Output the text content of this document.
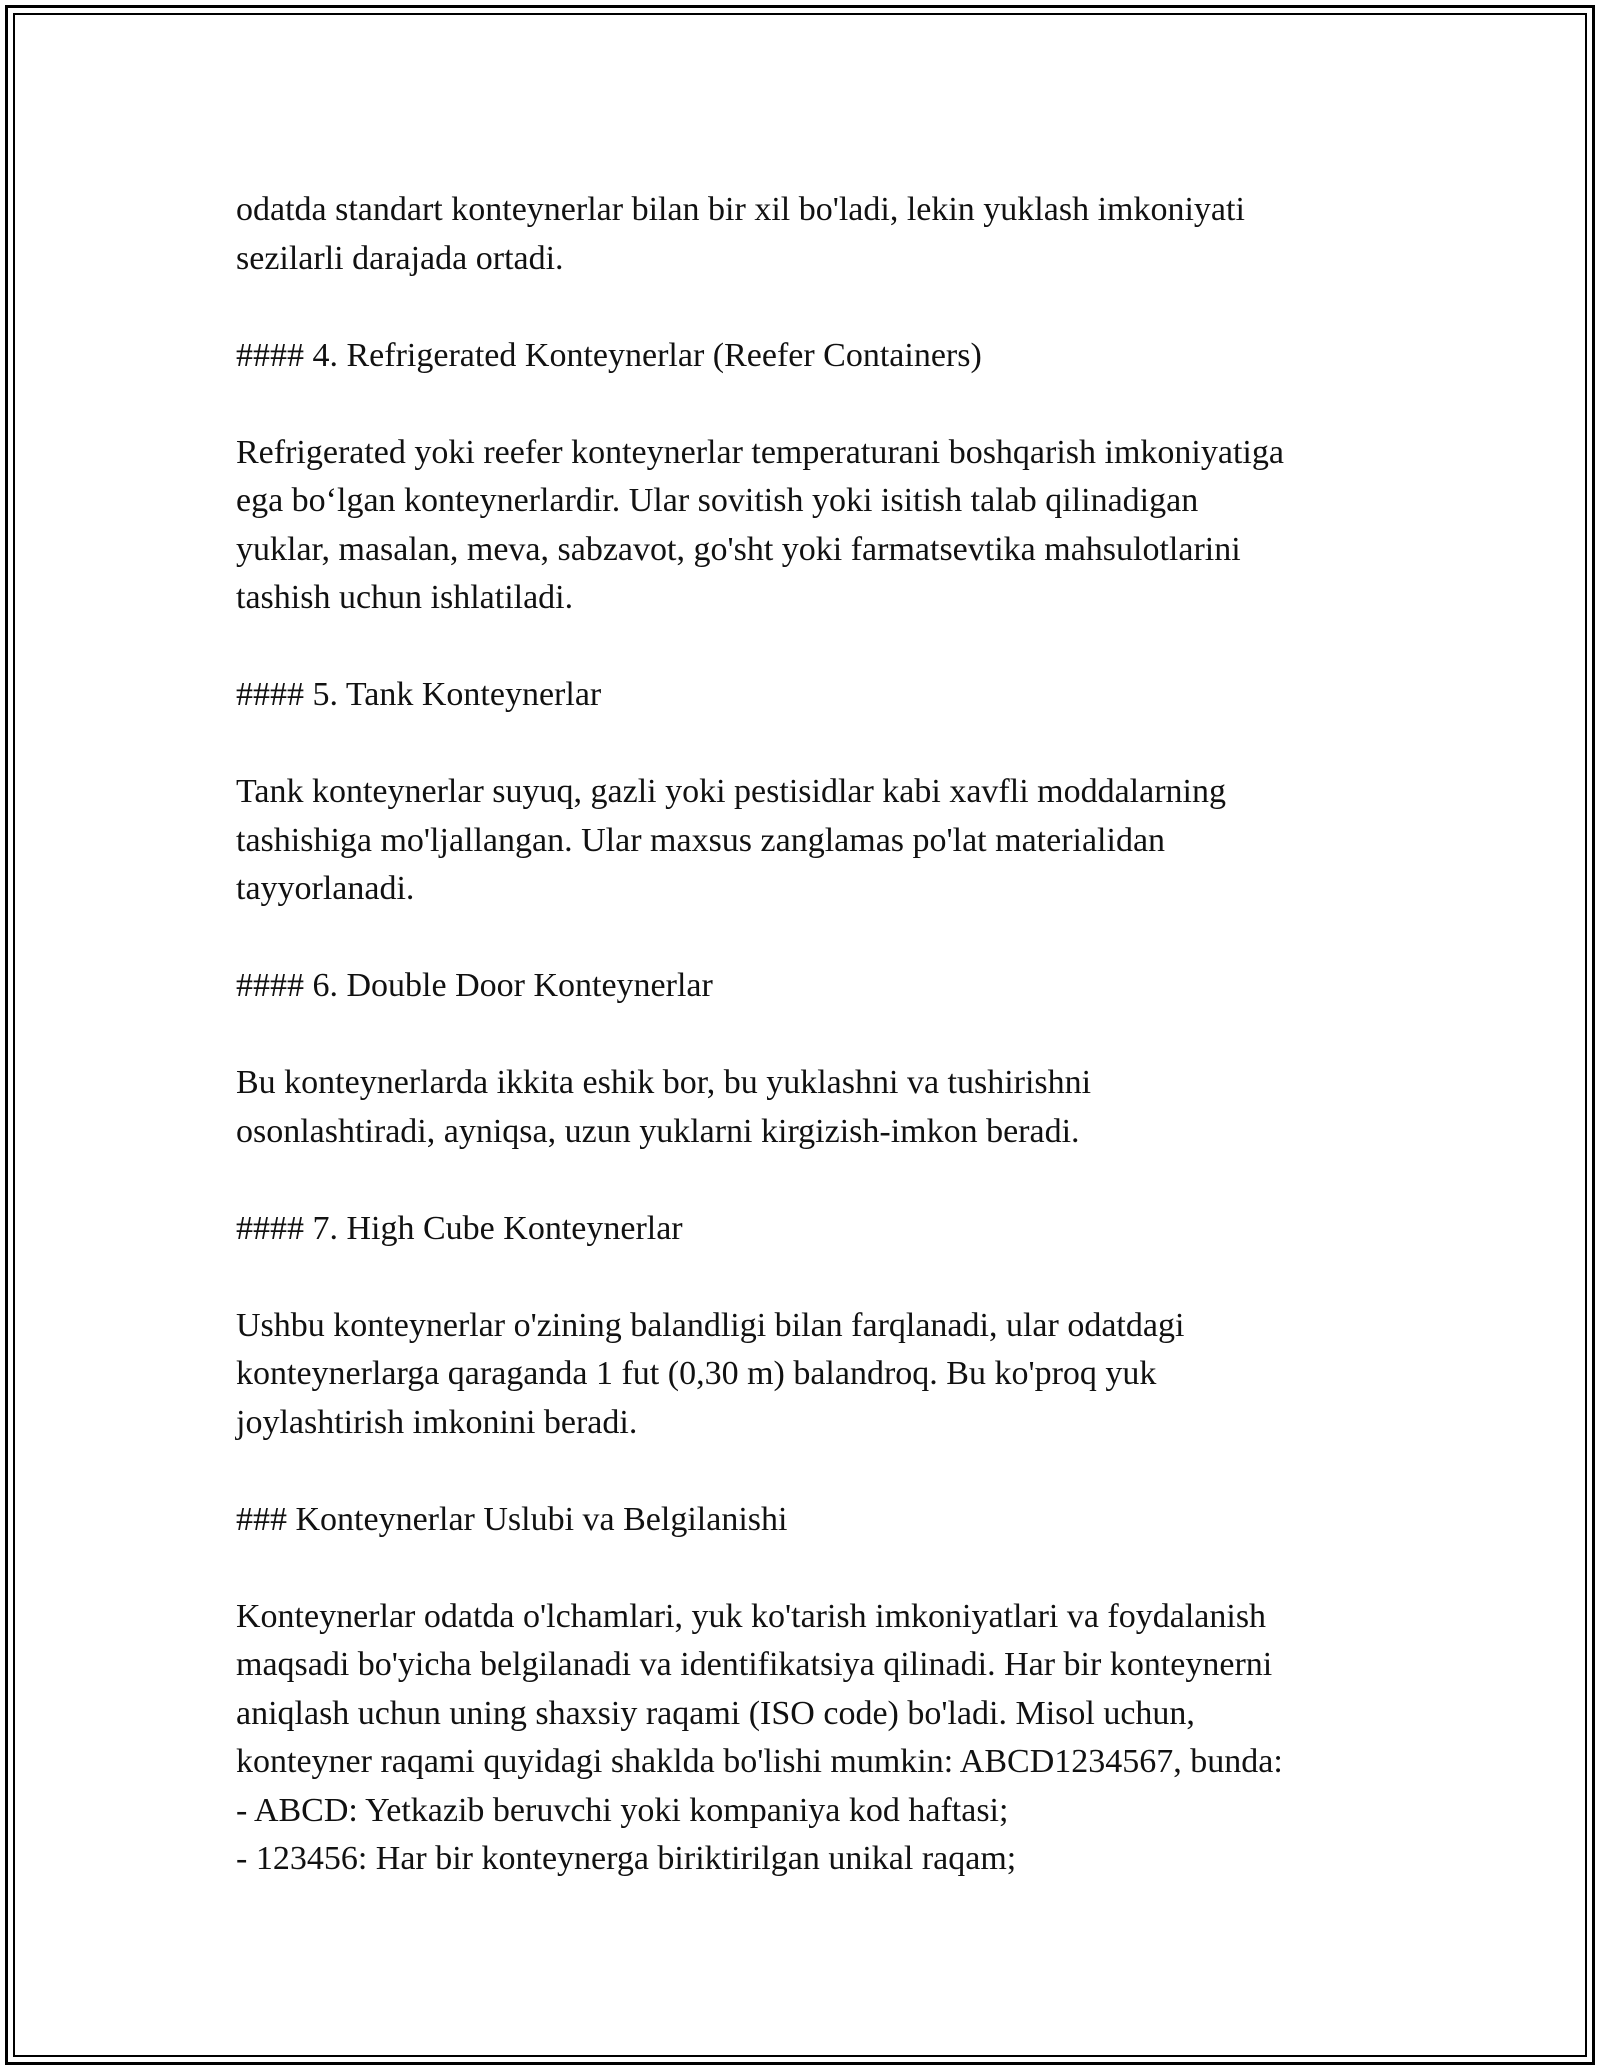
odatda standart konteynerlar bilan bir xil bo'ladi, lekin yuklash imkoniyati
sezilarli darajada ortadi.

#### 4. Refrigerated Konteynerlar (Reefer Containers)

Refrigerated yoki reefer konteynerlar temperaturani boshqarish imkoniyatiga
ega bo‘lgan konteynerlardir. Ular sovitish yoki isitish talab qilinadigan
yuklar, masalan, meva, sabzavot, go'sht yoki farmatsevtika mahsulotlarini
tashish uchun ishlatiladi.

#### 5. Tank Konteynerlar

Tank konteynerlar suyuq, gazli yoki pestisidlar kabi xavfli moddalarning
tashishiga mo'ljallangan. Ular maxsus zanglamas po'lat materialidan
tayyorlanadi.

#### 6. Double Door Konteynerlar

Bu konteynerlarda ikkita eshik bor, bu yuklashni va tushirishni
osonlashtiradi, ayniqsa, uzun yuklarni kirgizish-imkon beradi.

#### 7. High Cube Konteynerlar

Ushbu konteynerlar o'zining balandligi bilan farqlanadi, ular odatdagi
konteynerlarga qaraganda 1 fut (0,30 m) balandroq. Bu ko'proq yuk
joylashtirish imkonini beradi.

### Konteynerlar Uslubi va Belgilanishi

Konteynerlar odatda o'lchamlari, yuk ko'tarish imkoniyatlari va foydalanish
maqsadi bo'yicha belgilanadi va identifikatsiya qilinadi. Har bir konteynerni
aniqlash uchun uning shaxsiy raqami (ISO code) bo'ladi. Misol uchun,
konteyner raqami quyidagi shaklda bo'lishi mumkin: ABCD1234567, bunda:
- ABCD: Yetkazib beruvchi yoki kompaniya kod haftasi;
- 123456: Har bir konteynerga biriktirilgan unikal raqam;
